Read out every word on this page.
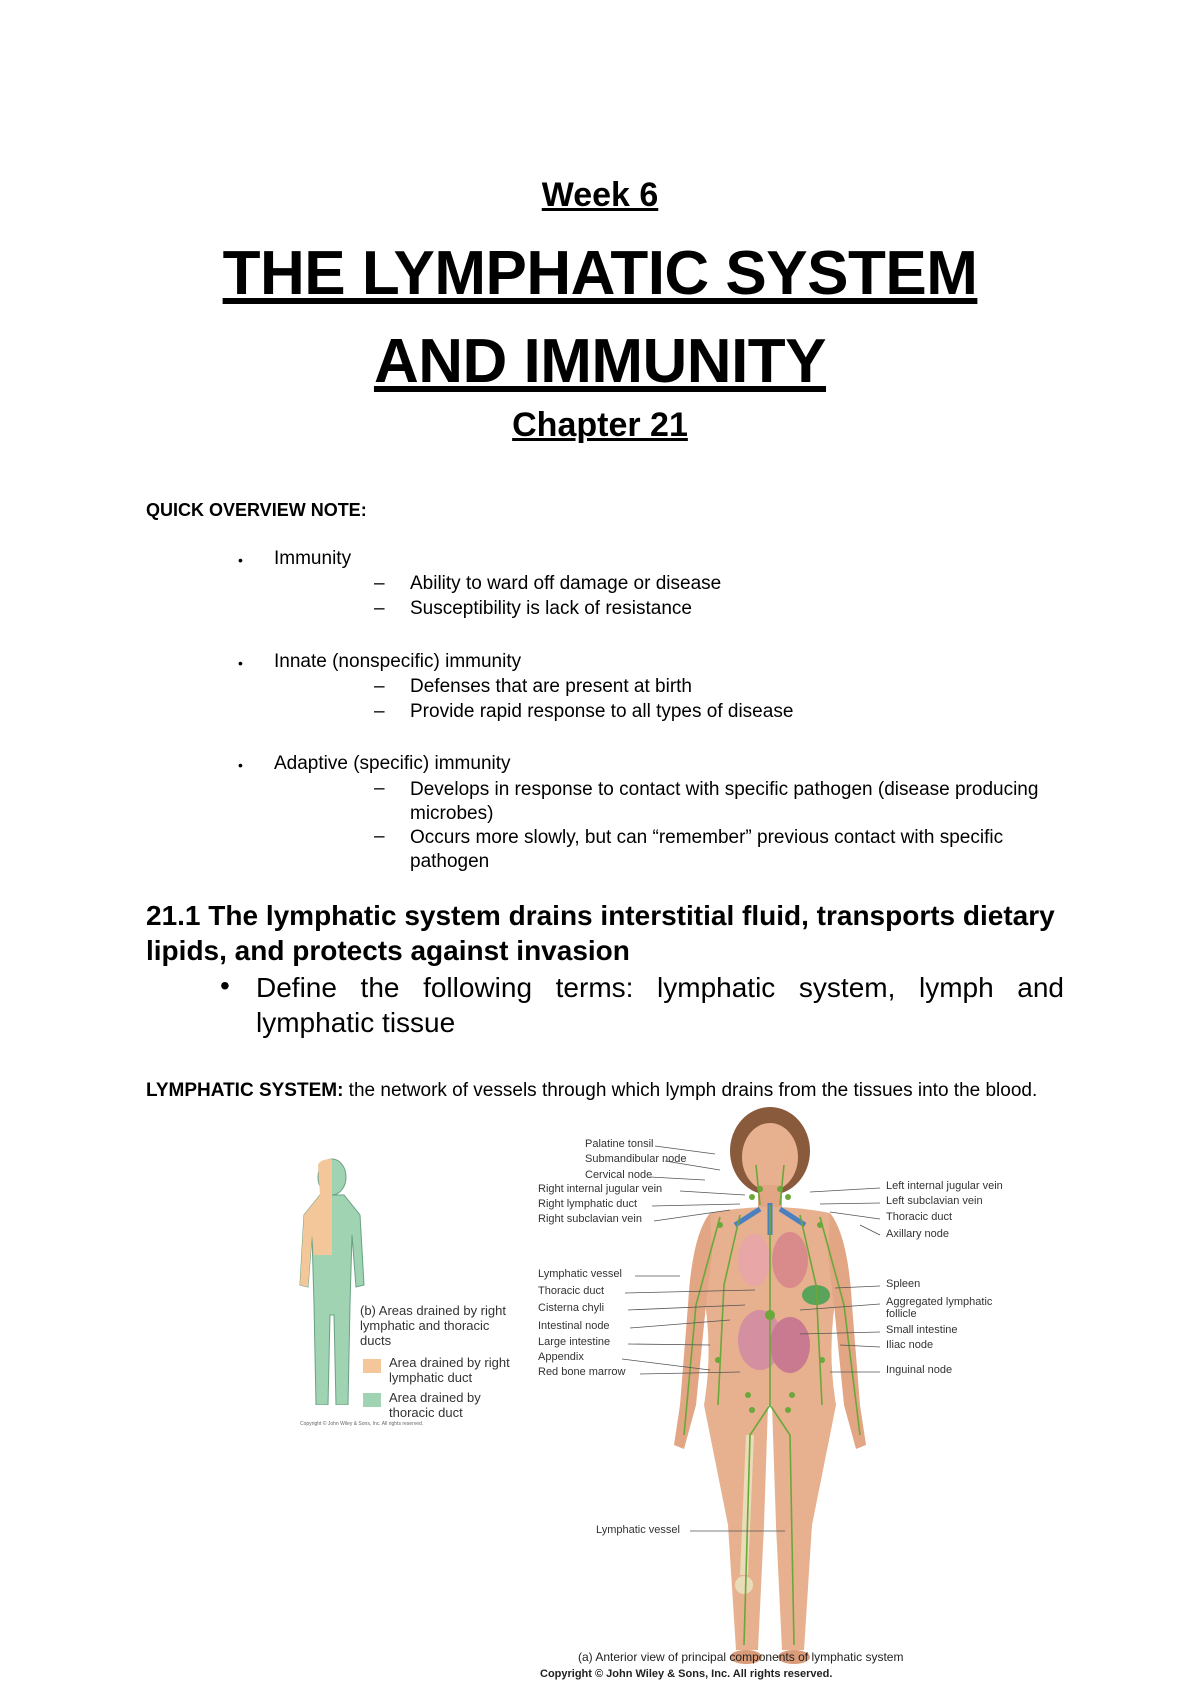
Week 6
THE LYMPHATIC SYSTEM
AND IMMUNITY
Chapter 21
QUICK OVERVIEW NOTE:
• Immunity
– Ability to ward off damage or disease
– Susceptibility is lack of resistance
• Innate (nonspecific) immunity
– Defenses that are present at birth
– Provide rapid response to all types of disease
• Adaptive (specific) immunity
– Develops in response to contact with specific pathogen (disease producing microbes)
– Occurs more slowly, but can “remember” previous contact with specific pathogen
21.1 The lymphatic system drains interstitial fluid, transports dietary lipids, and protects against invasion
• Define the following terms: lymphatic system, lymph and lymphatic tissue
LYMPHATIC SYSTEM: the network of vessels through which lymph drains from the tissues into the blood.
(b) Areas drained by right lymphatic and thoracic ducts
Area drained by right lymphatic duct
Area drained by thoracic duct
Copyright © John Wiley & Sons, Inc. All rights reserved.
Palatine tonsil
Submandibular node
Cervical node
Right internal jugular vein
Right lymphatic duct
Right subclavian vein
Lymphatic vessel
Thoracic duct
Cisterna chyli
Intestinal node
Large intestine
Appendix
Red bone marrow
Left internal jugular vein
Left subclavian vein
Thoracic duct
Axillary node
Spleen
Aggregated lymphatic follicle
Small intestine
Iliac node
Inguinal node
Lymphatic vessel
(a) Anterior view of principal components of lymphatic system
Copyright © John Wiley & Sons, Inc. All rights reserved.
